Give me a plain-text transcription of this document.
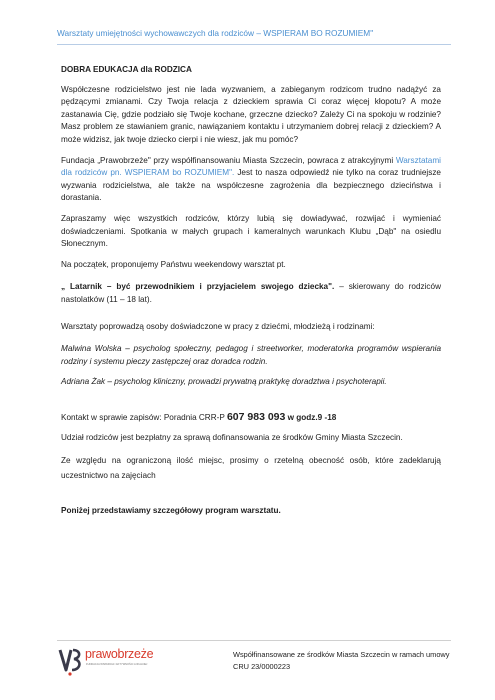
Warsztaty umiejętności wychowawczych dla rodziców – WSPIERAM BO ROZUMIEM"

DOBRA EDUKACJA dla RODZICA

Współczesne rodzicielstwo jest nie lada wyzwaniem, a zabieganym rodzicom trudno nadążyć za pędzącymi zmianami. Czy Twoja relacja z dzieckiem sprawia Ci coraz więcej kłopotu? A może zastanawia Cię, gdzie podziało się Twoje kochane, grzeczne dziecko? Zależy Ci na spokoju w rodzinie? Masz problem ze stawianiem granic, nawiązaniem kontaktu i utrzymaniem dobrej relacji z dzieckiem? A może widzisz, jak twoje dziecko cierpi i nie wiesz, jak mu pomóc?

Fundacja „Prawobrzeże" przy współfinansowaniu Miasta Szczecin, powraca z atrakcyjnymi Warsztatami dla rodziców pn. WSPIERAM bo ROZUMIEM". Jest to nasza odpowiedź nie tylko na coraz trudniejsze wyzwania rodzicielstwa, ale także na współczesne zagrożenia dla bezpiecznego dzieciństwa i dorastania.

Zapraszamy więc wszystkich rodziców, którzy lubią się dowiadywać, rozwijać i wymieniać doświadczeniami. Spotkania w małych grupach i kameralnych warunkach Klubu „Dąb" na osiedlu Słonecznym.

Na początek, proponujemy Państwu weekendowy warsztat pt.

„ Latarnik – być przewodnikiem i przyjacielem swojego dziecka". – skierowany do rodziców nastolatków (11 – 18 lat).

Warsztaty poprowadzą osoby doświadczone w pracy z dziećmi, młodzieżą i rodzinami:

Malwina Wolska – psycholog społeczny, pedagog i streetworker, moderatorka programów wspierania rodziny i systemu pieczy zastępczej oraz doradca rodzin.

Adriana Żak – psycholog kliniczny, prowadzi prywatną praktykę doradztwa i psychoterapii.

Kontakt w sprawie zapisów: Poradnia CRR-P 607 983 093 w godz.9 -18

Udział rodziców jest bezpłatny za sprawą dofinansowania ze środków Gminy Miasta Szczecin.

Ze względu na ograniczoną ilość miejsc, prosimy o rzetelną obecność osób, które zadeklarują uczestnictwo na zajęciach

Poniżej przedstawiamy szczegółowy program warsztatu.

prawobrzeże
FUNDACJA WSPARCIA I AKTYWNOŚCI LOKALNEJ
Współfinansowane ze środków Miasta Szczecin w ramach umowy
CRU 23/0000223
